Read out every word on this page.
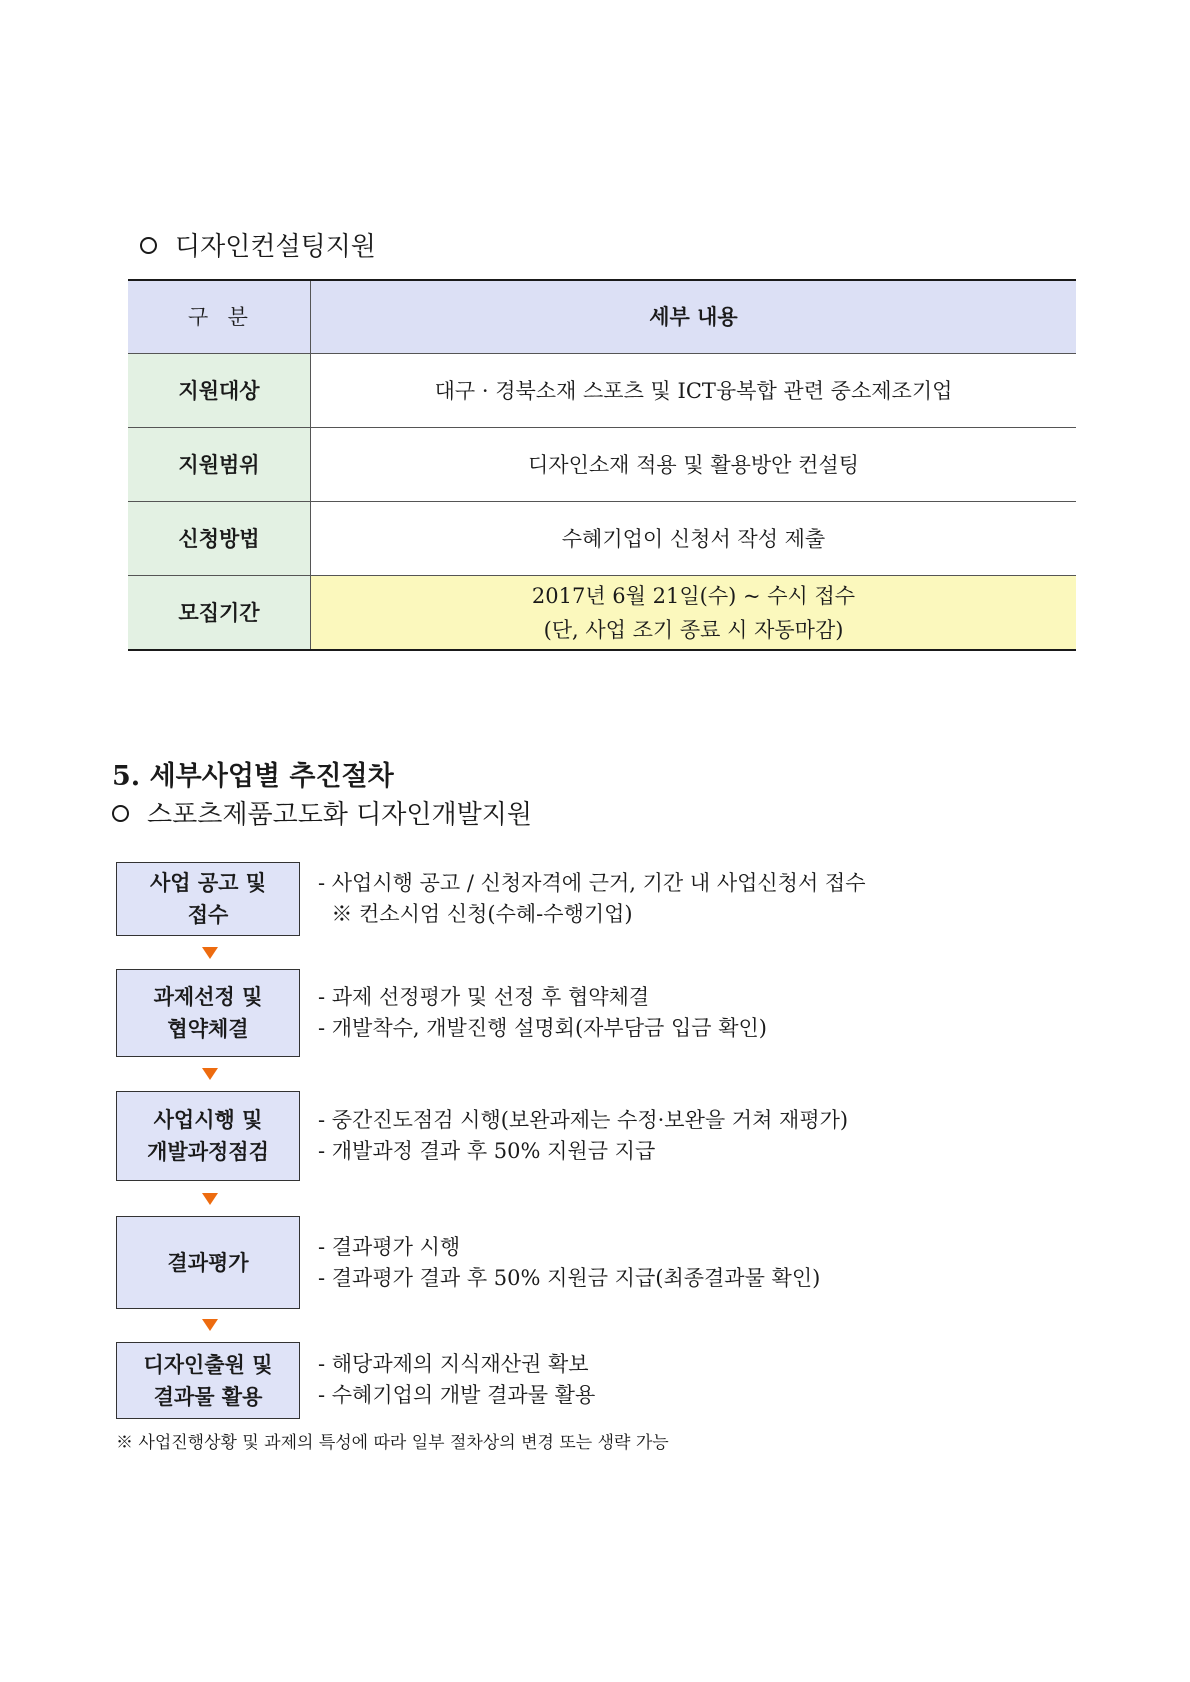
디자인컨설팅지원
구  분	세부 내용
지원대상	대구 · 경북소재 스포츠 및 ICT융복합 관련 중소제조기업
지원범위	디자인소재 적용 및 활용방안 컨설팅
신청방법	수혜기업이 신청서 작성 제출
모집기간	2017년 6월 21일(수) ~ 수시 접수
(단, 사업 조기 종료 시 자동마감)
5. 세부사업별 추진절차
스포츠제품고도화 디자인개발지원
사업 공고 및
접수
- 사업시행 공고 / 신청자격에 근거, 기간 내 사업신청서 접수
※ 컨소시엄 신청(수혜-수행기업)
과제선정 및
협약체결
- 과제 선정평가 및 선정 후 협약체결
- 개발착수, 개발진행 설명회(자부담금 입금 확인)
사업시행 및
개발과정점검
- 중간진도점검 시행(보완과제는 수정·보완을 거쳐 재평가)
- 개발과정 결과 후 50% 지원금 지급
결과평가
- 결과평가 시행
- 결과평가 결과 후 50% 지원금 지급(최종결과물 확인)
디자인출원 및
결과물 활용
- 해당과제의 지식재산권 확보
- 수혜기업의 개발 결과물 활용
※ 사업진행상황 및 과제의 특성에 따라 일부 절차상의 변경 또는 생략 가능
